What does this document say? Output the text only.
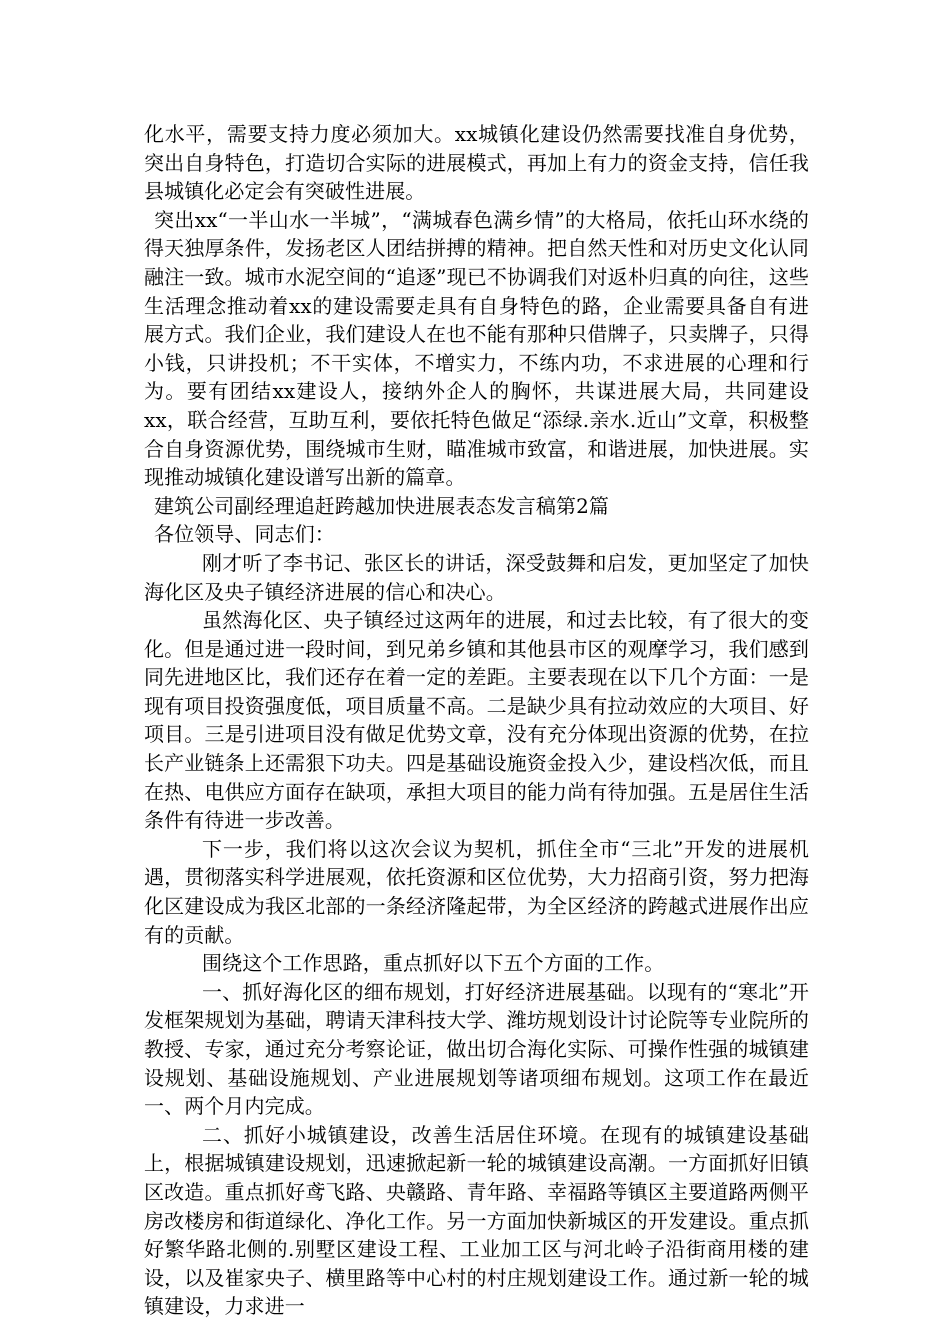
化水平，需要支持力度必须加大。xx城镇化建设仍然需要找准自身优势，突出自身特色，打造切合实际的进展模式，再加上有力的资金支持，信任我县城镇化必定会有突破性进展。

突出xx“一半山水一半城”，“满城春色满乡情”的大格局，依托山环水绕的得天独厚条件，发扬老区人团结拼搏的精神。把自然天性和对历史文化认同融注一致。城市水泥空间的“追逐”现已不协调我们对返朴归真的向往，这些生活理念推动着xx的建设需要走具有自身特色的路，企业需要具备自有进展方式。我们企业，我们建设人在也不能有那种只借牌子，只卖牌子，只得小钱，只讲投机；不干实体，不增实力，不练内功，不求进展的心理和行为。要有团结xx建设人，接纳外企人的胸怀，共谋进展大局，共同建设xx，联合经营，互助互利，要依托特色做足“添绿.亲水.近山”文章，积极整合自身资源优势，围绕城市生财，瞄准城市致富，和谐进展，加快进展。实现推动城镇化建设谱写出新的篇章。

建筑公司副经理追赶跨越加快进展表态发言稿第2篇

各位领导、同志们：

刚才听了李书记、张区长的讲话，深受鼓舞和启发，更加坚定了加快海化区及央子镇经济进展的信心和决心。

虽然海化区、央子镇经过这两年的进展，和过去比较，有了很大的变化。但是通过进一段时间，到兄弟乡镇和其他县市区的观摩学习，我们感到同先进地区比，我们还存在着一定的差距。主要表现在以下几个方面：一是现有项目投资强度低，项目质量不高。二是缺少具有拉动效应的大项目、好项目。三是引进项目没有做足优势文章，没有充分体现出资源的优势，在拉长产业链条上还需狠下功夫。四是基础设施资金投入少，建设档次低，而且在热、电供应方面存在缺项，承担大项目的能力尚有待加强。五是居住生活条件有待进一步改善。

下一步，我们将以这次会议为契机，抓住全市“三北”开发的进展机遇，贯彻落实科学进展观，依托资源和区位优势，大力招商引资，努力把海化区建设成为我区北部的一条经济隆起带，为全区经济的跨越式进展作出应有的贡献。

围绕这个工作思路，重点抓好以下五个方面的工作。

一、抓好海化区的细布规划，打好经济进展基础。以现有的“寒北”开发框架规划为基础，聘请天津科技大学、潍坊规划设计讨论院等专业院所的教授、专家，通过充分考察论证，做出切合海化实际、可操作性强的城镇建设规划、基础设施规划、产业进展规划等诸项细布规划。这项工作在最近一、两个月内完成。

二、抓好小城镇建设，改善生活居住环境。在现有的城镇建设基础上，根据城镇建设规划，迅速掀起新一轮的城镇建设高潮。一方面抓好旧镇区改造。重点抓好鸢飞路、央赣路、青年路、幸福路等镇区主要道路两侧平房改楼房和街道绿化、净化工作。另一方面加快新城区的开发建设。重点抓好繁华路北侧的.别墅区建设工程、工业加工区与河北岭子沿街商用楼的建设，以及崔家央子、横里路等中心村的村庄规划建设工作。通过新一轮的城镇建设，力求进一
